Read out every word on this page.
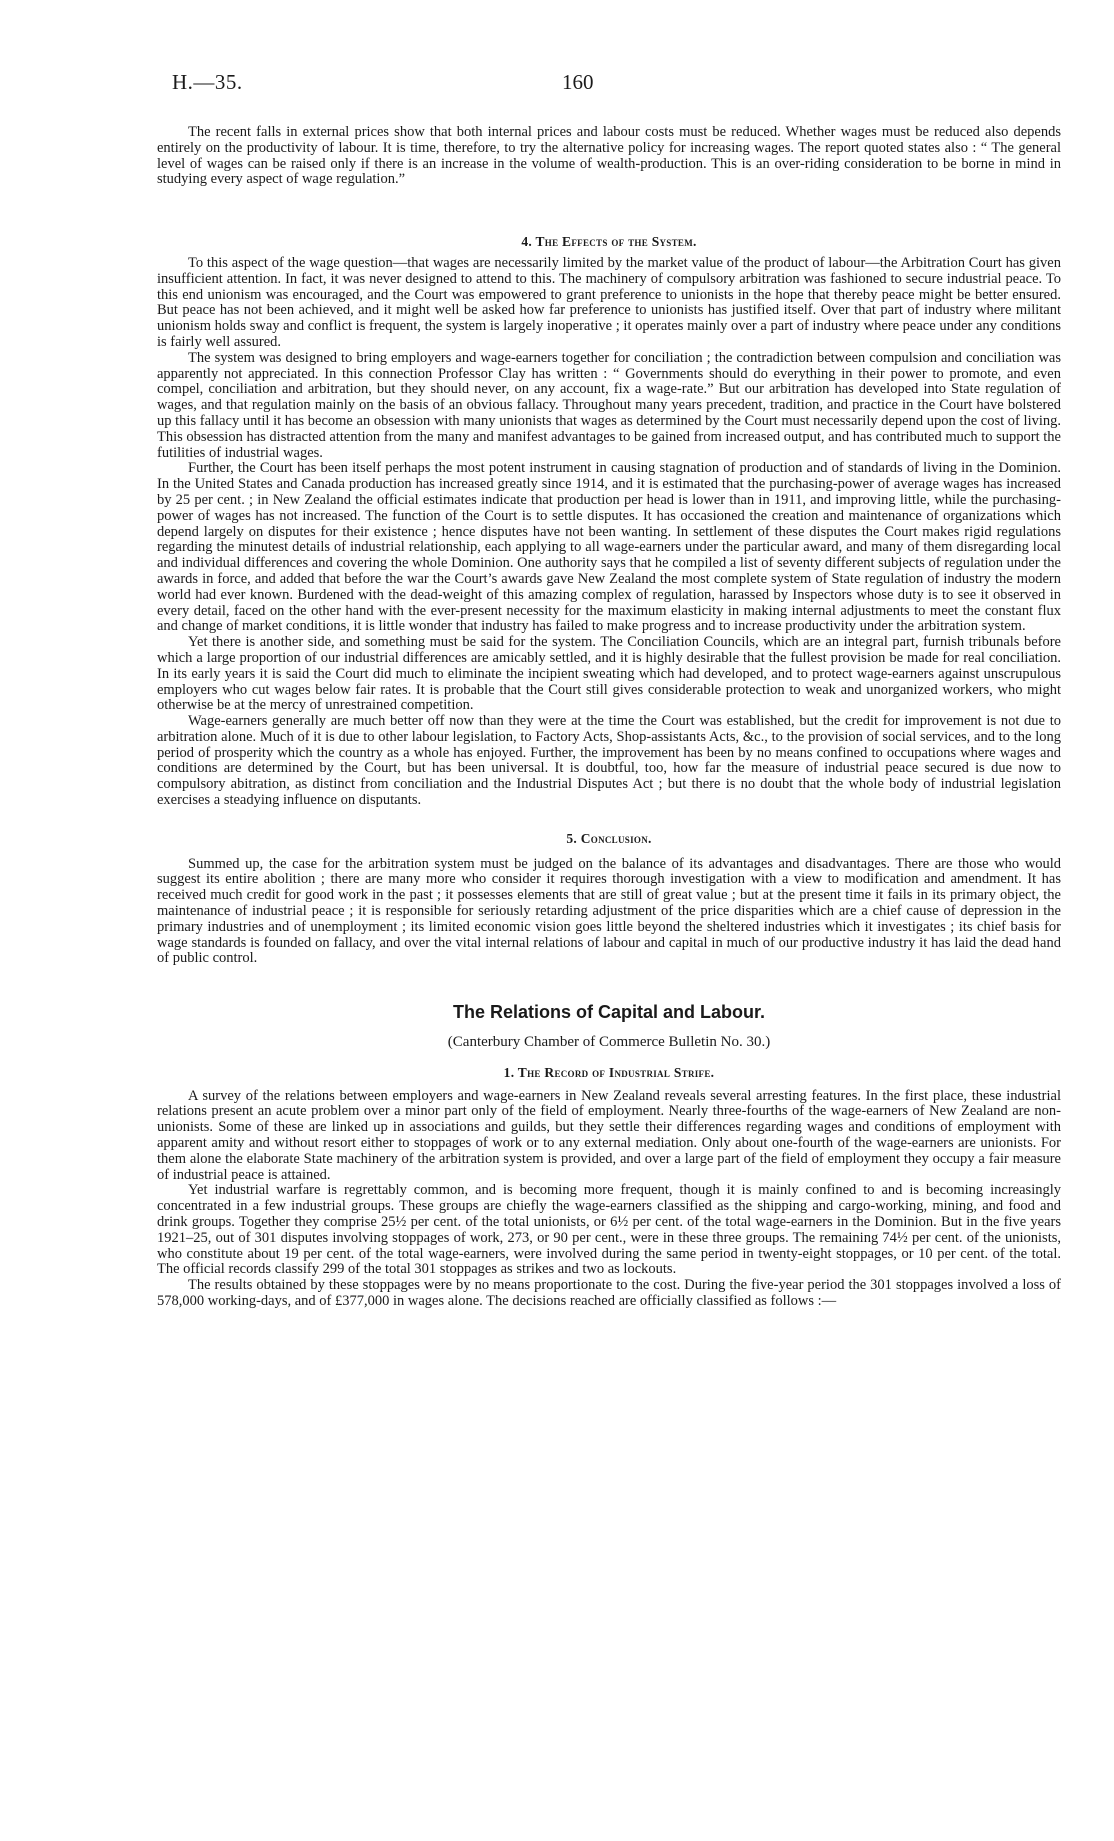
H.—35.	160

The recent falls in external prices show that both internal prices and labour costs must be reduced. Whether wages must be reduced also depends entirely on the productivity of labour. It is time, therefore, to try the alternative policy for increasing wages. The report quoted states also : “ The general level of wages can be raised only if there is an increase in the volume of wealth-production. This is an over-riding consideration to be borne in mind in studying every aspect of wage regulation.”

4. The Effects of the System.

To this aspect of the wage question—that wages are necessarily limited by the market value of the product of labour—the Arbitration Court has given insufficient attention. In fact, it was never designed to attend to this. The machinery of compulsory arbitration was fashioned to secure industrial peace. To this end unionism was encouraged, and the Court was empowered to grant preference to unionists in the hope that thereby peace might be better ensured. But peace has not been achieved, and it might well be asked how far preference to unionists has justified itself. Over that part of industry where militant unionism holds sway and conflict is frequent, the system is largely inoperative ; it operates mainly over a part of industry where peace under any conditions is fairly well assured.

The system was designed to bring employers and wage-earners together for conciliation ; the contradiction between compulsion and conciliation was apparently not appreciated. In this connection Professor Clay has written : “ Governments should do everything in their power to promote, and even compel, conciliation and arbitration, but they should never, on any account, fix a wage-rate.” But our arbitration has developed into State regulation of wages, and that regulation mainly on the basis of an obvious fallacy. Throughout many years precedent, tradition, and practice in the Court have bolstered up this fallacy until it has become an obsession with many unionists that wages as determined by the Court must necessarily depend upon the cost of living. This obsession has distracted attention from the many and manifest advantages to be gained from increased output, and has contributed much to support the futilities of industrial wages.

Further, the Court has been itself perhaps the most potent instrument in causing stagnation of production and of standards of living in the Dominion. In the United States and Canada production has increased greatly since 1914, and it is estimated that the purchasing-power of average wages has increased by 25 per cent. ; in New Zealand the official estimates indicate that production per head is lower than in 1911, and improving little, while the purchasing-power of wages has not increased. The function of the Court is to settle disputes. It has occasioned the creation and maintenance of organizations which depend largely on disputes for their existence ; hence disputes have not been wanting. In settlement of these disputes the Court makes rigid regulations regarding the minutest details of industrial relationship, each applying to all wage-earners under the particular award, and many of them disregarding local and individual differences and covering the whole Dominion. One authority says that he compiled a list of seventy different subjects of regulation under the awards in force, and added that before the war the Court’s awards gave New Zealand the most complete system of State regulation of industry the modern world had ever known. Burdened with the dead-weight of this amazing complex of regulation, harassed by Inspectors whose duty is to see it observed in every detail, faced on the other hand with the ever-present necessity for the maximum elasticity in making internal adjustments to meet the constant flux and change of market conditions, it is little wonder that industry has failed to make progress and to increase productivity under the arbitration system.

Yet there is another side, and something must be said for the system. The Conciliation Councils, which are an integral part, furnish tribunals before which a large proportion of our industrial differences are amicably settled, and it is highly desirable that the fullest provision be made for real conciliation. In its early years it is said the Court did much to eliminate the incipient sweating which had developed, and to protect wage-earners against unscrupulous employers who cut wages below fair rates. It is probable that the Court still gives considerable protection to weak and unorganized workers, who might otherwise be at the mercy of unrestrained competition.

Wage-earners generally are much better off now than they were at the time the Court was established, but the credit for improvement is not due to arbitration alone. Much of it is due to other labour legislation, to Factory Acts, Shop-assistants Acts, &c., to the provision of social services, and to the long period of prosperity which the country as a whole has enjoyed. Further, the improvement has been by no means confined to occupations where wages and conditions are determined by the Court, but has been universal. It is doubtful, too, how far the measure of industrial peace secured is due now to compulsory abitration, as distinct from conciliation and the Industrial Disputes Act ; but there is no doubt that the whole body of industrial legislation exercises a steadying influence on disputants.

5. Conclusion.

Summed up, the case for the arbitration system must be judged on the balance of its advantages and disadvantages. There are those who would suggest its entire abolition ; there are many more who consider it requires thorough investigation with a view to modification and amendment. It has received much credit for good work in the past ; it possesses elements that are still of great value ; but at the present time it fails in its primary object, the maintenance of industrial peace ; it is responsible for seriously retarding adjustment of the price disparities which are a chief cause of depression in the primary industries and of unemployment ; its limited economic vision goes little beyond the sheltered industries which it investigates ; its chief basis for wage standards is founded on fallacy, and over the vital internal relations of labour and capital in much of our productive industry it has laid the dead hand of public control.

The Relations of Capital and Labour.
(Canterbury Chamber of Commerce Bulletin No. 30.)
1. The Record of Industrial Strife.

A survey of the relations between employers and wage-earners in New Zealand reveals several arresting features. In the first place, these industrial relations present an acute problem over a minor part only of the field of employment. Nearly three-fourths of the wage-earners of New Zealand are non-unionists. Some of these are linked up in associations and guilds, but they settle their differences regarding wages and conditions of employment with apparent amity and without resort either to stoppages of work or to any external mediation. Only about one-fourth of the wage-earners are unionists. For them alone the elaborate State machinery of the arbitration system is provided, and over a large part of the field of employment they occupy a fair measure of industrial peace is attained.

Yet industrial warfare is regrettably common, and is becoming more frequent, though it is mainly confined to and is becoming increasingly concentrated in a few industrial groups. These groups are chiefly the wage-earners classified as the shipping and cargo-working, mining, and food and drink groups. Together they comprise 25½ per cent. of the total unionists, or 6½ per cent. of the total wage-earners in the Dominion. But in the five years 1921–25, out of 301 disputes involving stoppages of work, 273, or 90 per cent., were in these three groups. The remaining 74½ per cent. of the unionists, who constitute about 19 per cent. of the total wage-earners, were involved during the same period in twenty-eight stoppages, or 10 per cent. of the total. The official records classify 299 of the total 301 stoppages as strikes and two as lockouts.

The results obtained by these stoppages were by no means proportionate to the cost. During the five-year period the 301 stoppages involved a loss of 578,000 working-days, and of £377,000 in wages alone. The decisions reached are officially classified as follows :—
